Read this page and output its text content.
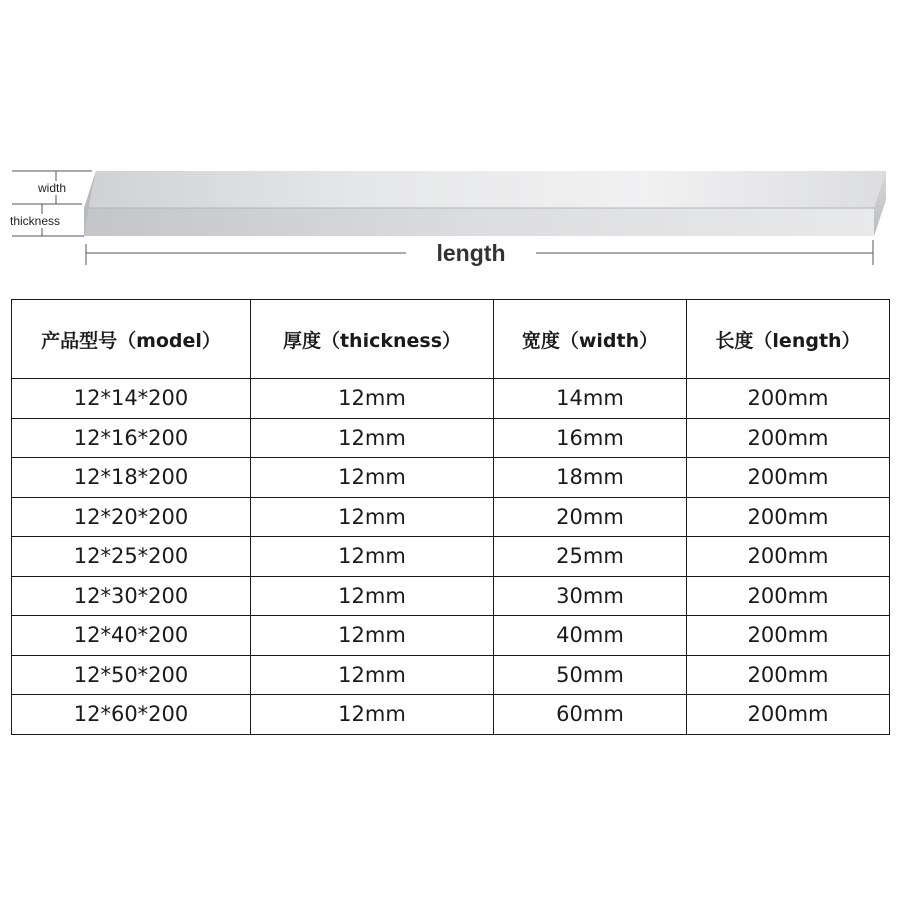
width
thickness
length
产品型号（model）	厚度（thickness）	宽度（width）	长度（length）
12*14*200	12mm	14mm	200mm
12*16*200	12mm	16mm	200mm
12*18*200	12mm	18mm	200mm
12*20*200	12mm	20mm	200mm
12*25*200	12mm	25mm	200mm
12*30*200	12mm	30mm	200mm
12*40*200	12mm	40mm	200mm
12*50*200	12mm	50mm	200mm
12*60*200	12mm	60mm	200mm
